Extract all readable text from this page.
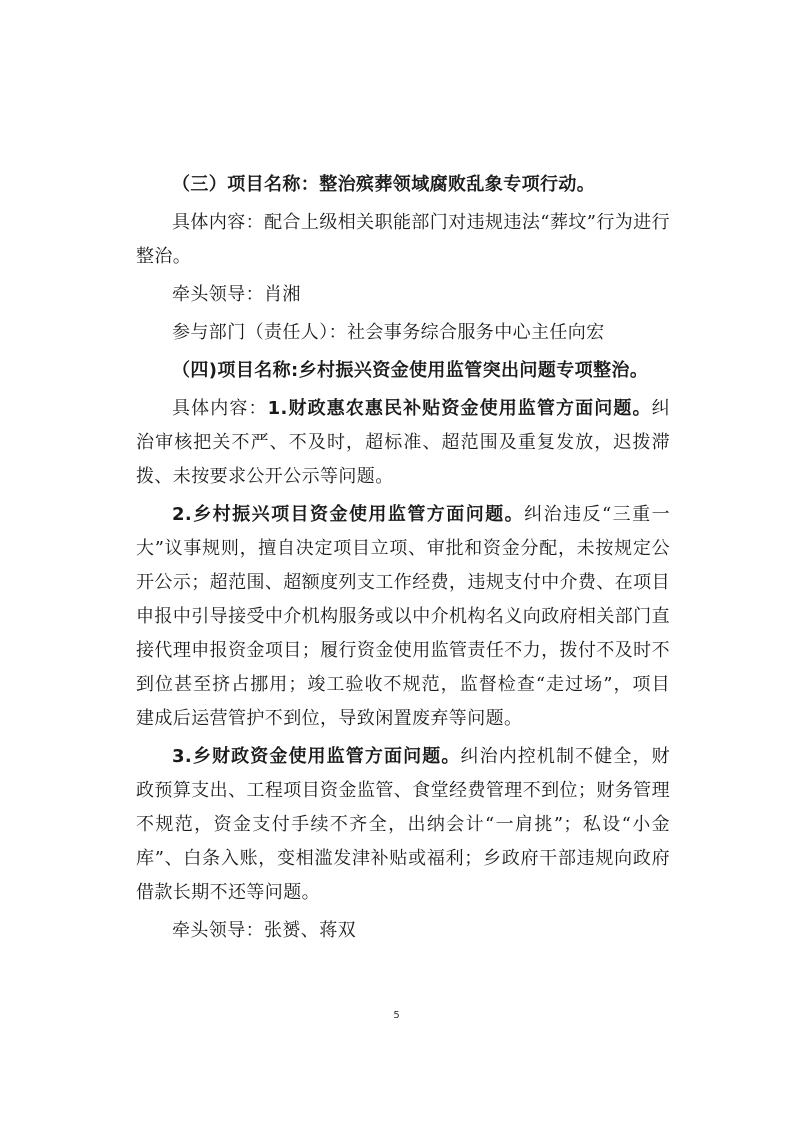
（三）项目名称：整治殡葬领域腐败乱象专项行动。

具体内容：配合上级相关职能部门对违规违法“葬坟”行为进行整治。

牵头领导：肖湘

参与部门（责任人）：社会事务综合服务中心主任向宏

（四)项目名称:乡村振兴资金使用监管突出问题专项整治。

具体内容：1.财政惠农惠民补贴资金使用监管方面问题。纠治审核把关不严、不及时，超标准、超范围及重复发放，迟拨滞拨、未按要求公开公示等问题。

2.乡村振兴项目资金使用监管方面问题。纠治违反“三重一大”议事规则，擅自决定项目立项、审批和资金分配，未按规定公开公示；超范围、超额度列支工作经费，违规支付中介费、在项目申报中引导接受中介机构服务或以中介机构名义向政府相关部门直接代理申报资金项目；履行资金使用监管责任不力，拨付不及时不到位甚至挤占挪用；竣工验收不规范，监督检查“走过场”，项目建成后运营管护不到位，导致闲置废弃等问题。

3.乡财政资金使用监管方面问题。纠治内控机制不健全，财政预算支出、工程项目资金监管、食堂经费管理不到位；财务管理不规范，资金支付手续不齐全，出纳会计“一肩挑”；私设“小金库”、白条入账，变相滥发津补贴或福利；乡政府干部违规向政府借款长期不还等问题。

牵头领导：张赟、蒋双

5
